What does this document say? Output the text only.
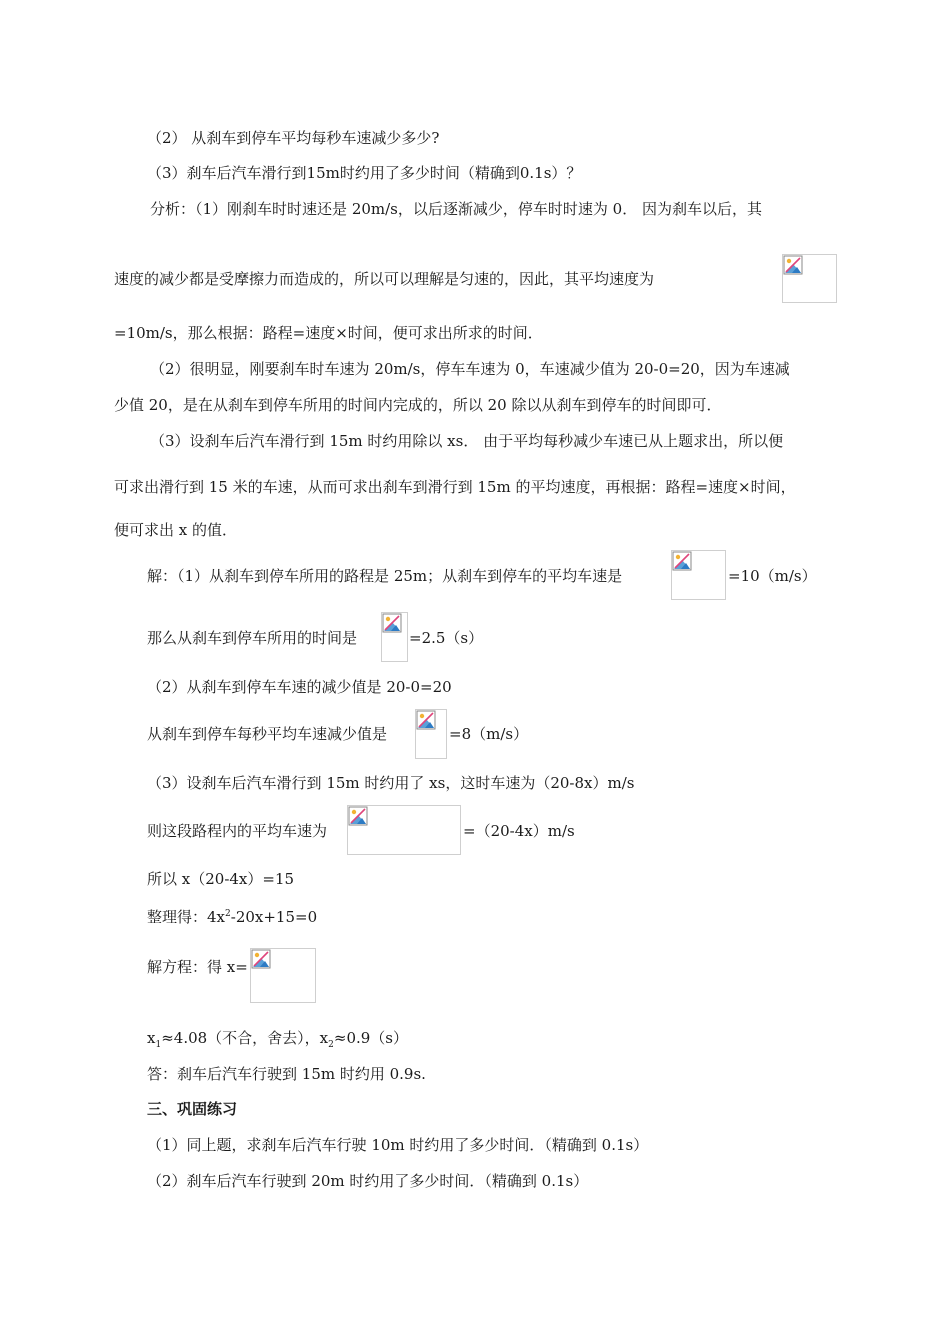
（2） 从刹车到停车平均每秒车速减少多少?
（3）刹车后汽车滑行到15m时约用了多少时间（精确到0.1s）？
分析：（1）刚刹车时时速还是 20m/s，以后逐渐减少，停车时时速为 0． 因为刹车以后，其
速度的减少都是受摩擦力而造成的，所以可以理解是匀速的，因此，其平均速度为
=10m/s，那么根据：路程=速度×时间，便可求出所求的时间．
（2）很明显，刚要刹车时车速为 20m/s，停车车速为 0，车速减少值为 20-0=20，因为车速减
少值 20，是在从刹车到停车所用的时间内完成的，所以 20 除以从刹车到停车的时间即可．
（3）设刹车后汽车滑行到 15m 时约用除以 xs． 由于平均每秒减少车速已从上题求出，所以便
可求出滑行到 15 米的车速，从而可求出刹车到滑行到 15m 的平均速度，再根据：路程=速度×时间，
便可求出 x 的值．
解：（1）从刹车到停车所用的路程是 25m；从刹车到停车的平均车速是	=10（m/s）
那么从刹车到停车所用的时间是	=2.5（s）
（2）从刹车到停车车速的减少值是 20-0=20
从刹车到停车每秒平均车速减少值是	=8（m/s）
（3）设刹车后汽车滑行到 15m 时约用了 xs，这时车速为（20-8x）m/s
则这段路程内的平均车速为	=（20-4x）m/s
所以 x（20-4x）=15
整理得：$4x^2-20x+15=0$
解方程：得 x=
$x_1\approx 4.08$（不合，舍去），$x_2\approx 0.9(s)$
答：刹车后汽车行驶到 15m 时约用 0.9s.
三、巩固练习
（1）同上题，求刹车后汽车行驶 10m 时约用了多少时间．（精确到 0.1s）
（2）刹车后汽车行驶到 20m 时约用了多少时间．（精确到 0.1s）
